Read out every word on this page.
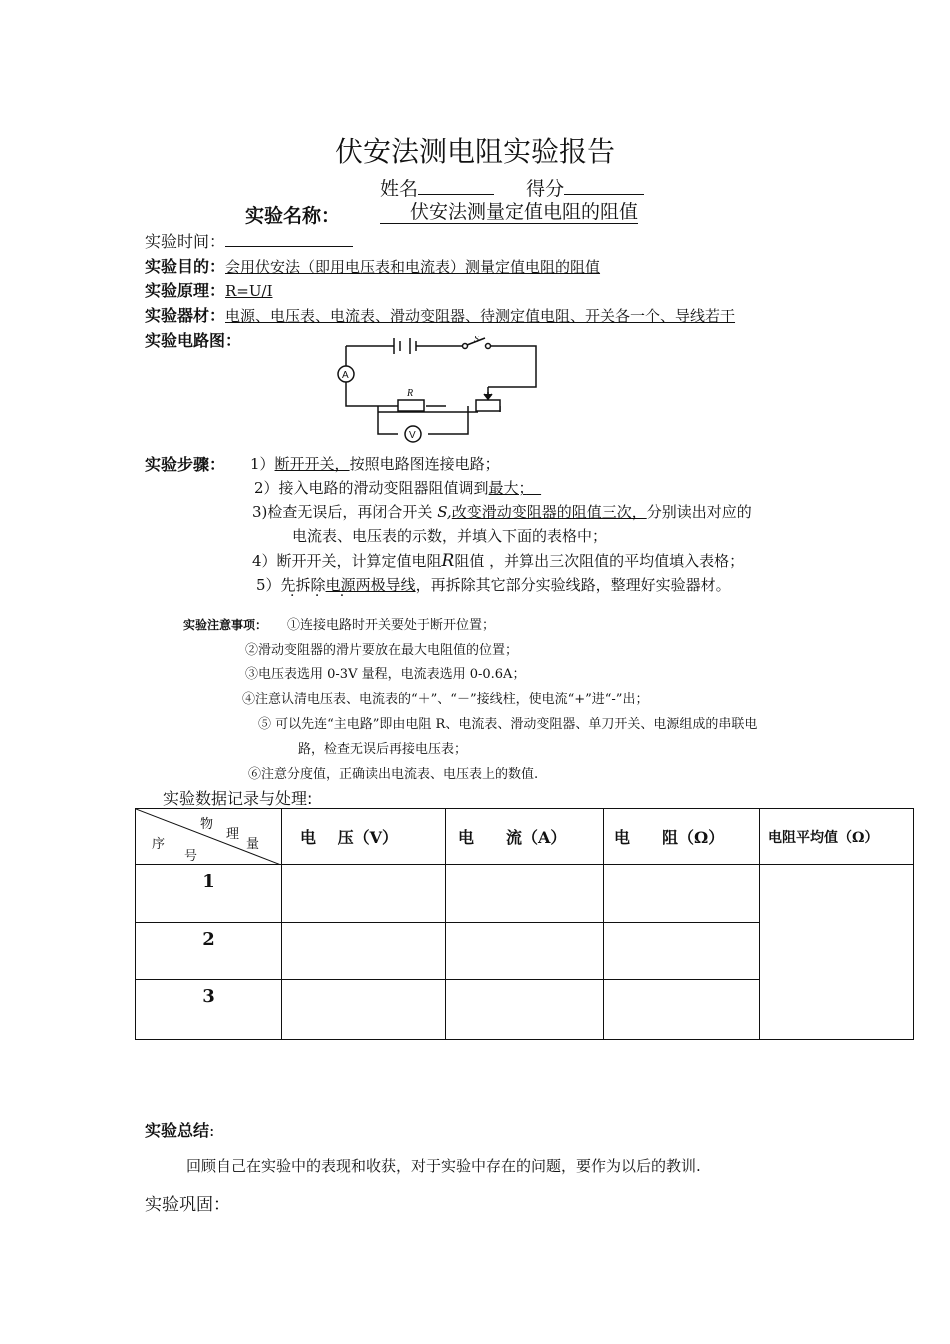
伏安法测电阻实验报告
姓名	得分
实验名称：	伏安法测量定值电阻的阻值
实验时间：
实验目的：会用伏安法（即用电压表和电流表）测量定值电阻的阻值
实验原理：R=U/I
实验器材：电源、电压表、电流表、滑动变阻器、待测定值电阻、开关各一个、导线若干
实验电路图：	S
A
R
V
实验步骤： 1）断开开关，按照电路图连接电路；
2）接入电路的滑动变阻器阻值调到最大；　
3)检查无误后，再闭合开关 S,改变滑动变阻器的阻值三次，分别读出对应的
电流表、电压表的示数，并填入下面的表格中；
4）断开开关，计算定值电阻R阻值 ，并算出三次阻值的平均值填入表格；
5）先拆除电源两极导线，再拆除其它部分实验线路，整理好实验器材。
· · ·
实验注意事项： ①连接电路时开关要处于断开位置；
②滑动变阻器的滑片要放在最大电阻值的位置；
③电压表选用 0-3V 量程，电流表选用 0-0.6A；
④注意认清电压表、电流表的“＋”、“－”接线柱，使电流“+”进“-”出；
⑤ 可以先连“主电路”即由电阻 R、电流表、滑动变阻器、单刀开关、电源组成的串联电
路，检查无误后再接电压表；
⑥注意分度值，正确读出电流表、电压表上的数值.
实验数据记录与处理:
物
理
量
序
号	电　 压（V）	电　　流（A）	电　　阻（Ω）	电阻平均值（Ω）
1				
2				
3				
实验总结:
回顾自己在实验中的表现和收获，对于实验中存在的问题，要作为以后的教训.
实验巩固：
